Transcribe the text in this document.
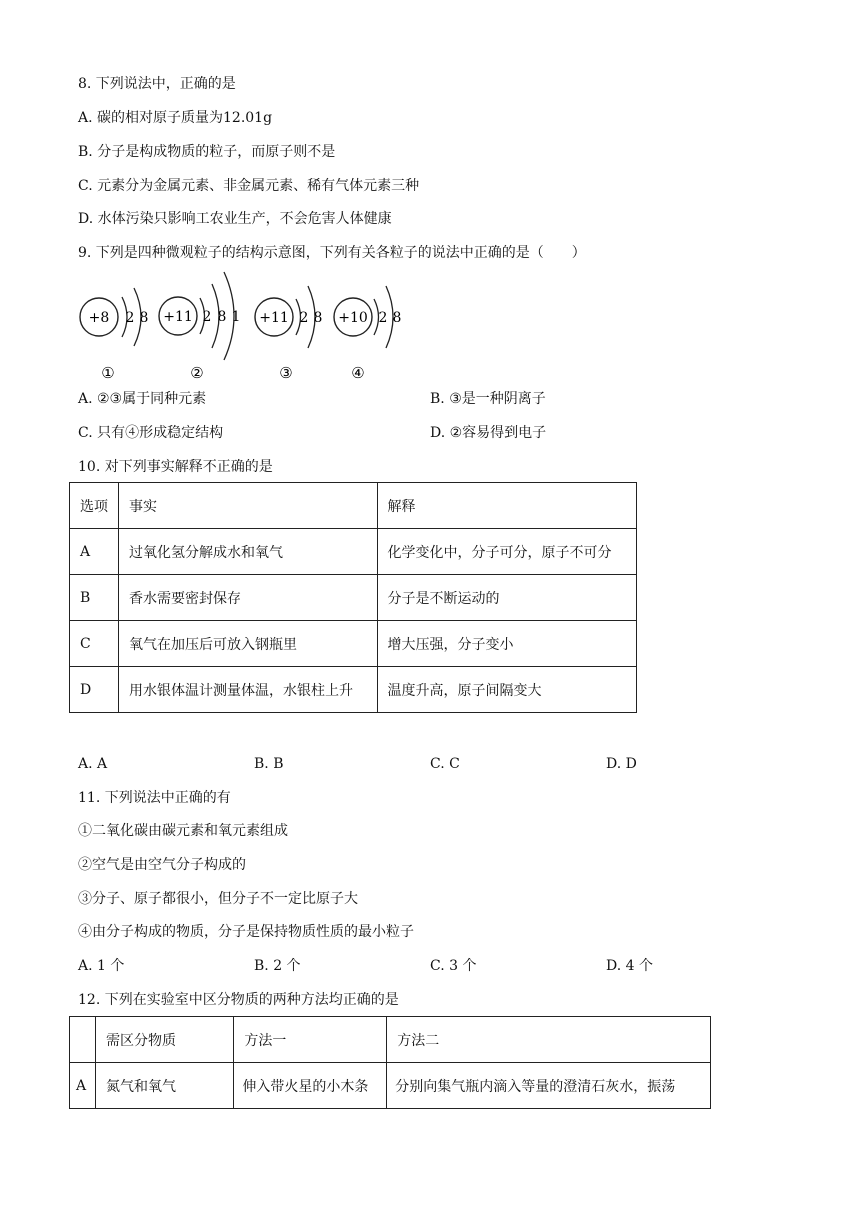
8. 下列说法中，正确的是
A. 碳的相对原子质量为12.01g
B. 分子是构成物质的粒子，而原子则不是
C. 元素分为金属元素、非金属元素、稀有气体元素三种
D. 水体污染只影响工农业生产，不会危害人体健康
9. 下列是四种微观粒子的结构示意图，下列有关各粒子的说法中正确的是（　　）
+8 2 8
①
+11 2 8 1
②
+11 2 8
③
+10 2 8
④
A. ②③属于同种元素	B. ③是一种阴离子
C. 只有④形成稳定结构	D. ②容易得到电子
10. 对下列事实解释不正确的是
选项	事实	解释
A	过氧化氢分解成水和氧气	化学变化中，分子可分，原子不可分
B	香水需要密封保存	分子是不断运动的
C	氧气在加压后可放入钢瓶里	增大压强，分子变小
D	用水银体温计测量体温，水银柱上升	温度升高，原子间隔变大
A. A	B. B	C. C	D. D
11. 下列说法中正确的有
①二氧化碳由碳元素和氧元素组成
②空气是由空气分子构成的
③分子、原子都很小，但分子不一定比原子大
④由分子构成的物质，分子是保持物质性质的最小粒子
A. 1 个	B. 2 个	C. 3 个	D. 4 个
12. 下列在实验室中区分物质的两种方法均正确的是
	需区分物质	方法一	方法二
A	氮气和氧气	伸入带火星的小木条	分别向集气瓶内滴入等量的澄清石灰水，振荡
